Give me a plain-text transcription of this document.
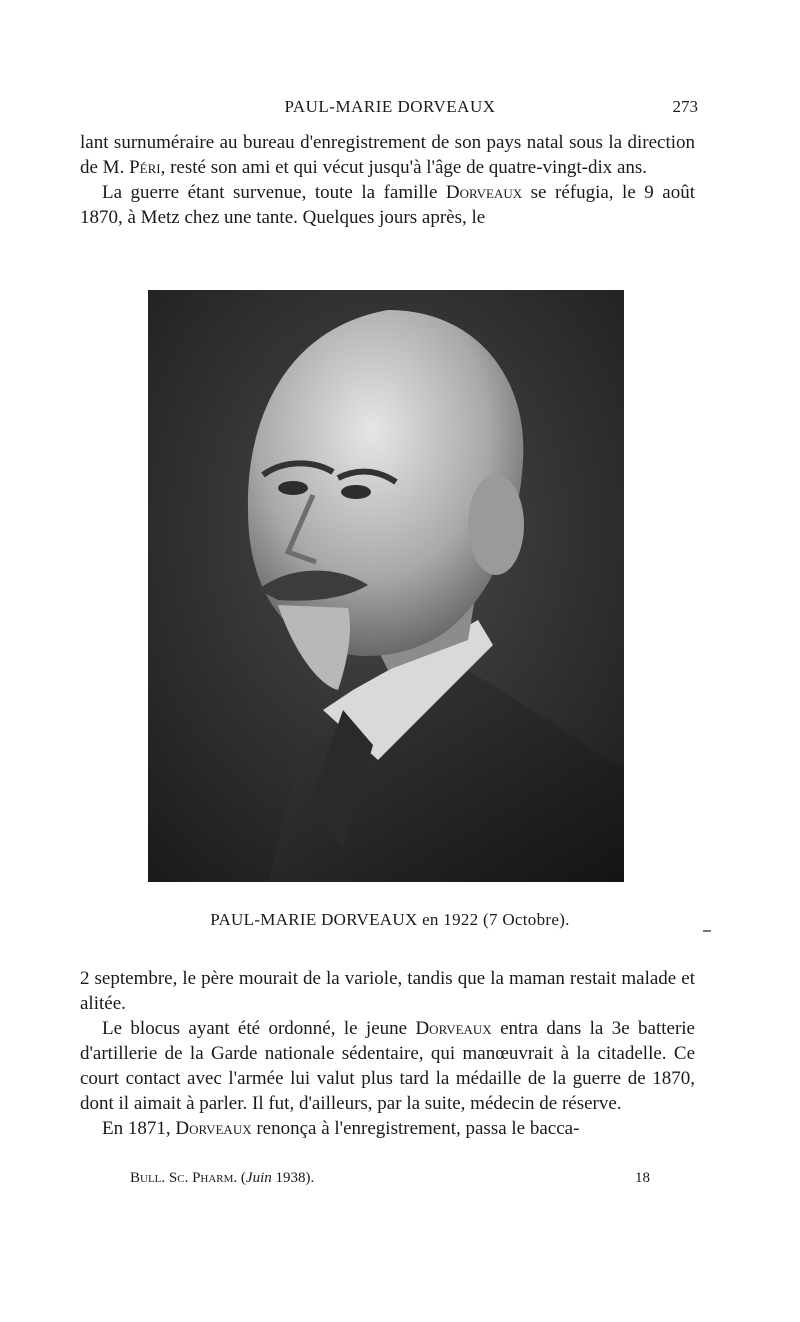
PAUL-MARIE DORVEAUX	273

lant surnuméraire au bureau d'enregistrement de son pays natal sous la direction de M. Péri, resté son ami et qui vécut jusqu'à l'âge de quatre-vingt-dix ans.

La guerre étant survenue, toute la famille Dorveaux se réfugia, le 9 août 1870, à Metz chez une tante. Quelques jours après, le

PAUL-MARIE DORVEAUX en 1922 (7 Octobre).

2 septembre, le père mourait de la variole, tandis que la maman restait malade et alitée.

Le blocus ayant été ordonné, le jeune Dorveaux entra dans la 3e batterie d'artillerie de la Garde nationale sédentaire, qui manœuvrait à la citadelle. Ce court contact avec l'armée lui valut plus tard la médaille de la guerre de 1870, dont il aimait à parler. Il fut, d'ailleurs, par la suite, médecin de réserve.

En 1871, Dorveaux renonça à l'enregistrement, passa le bacca-

Bull. Sc. Pharm. (Juin 1938).	18
